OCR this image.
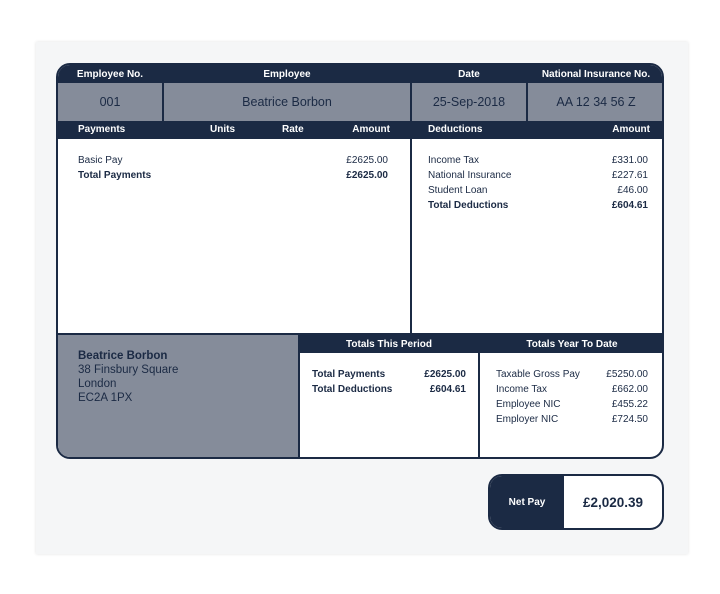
Employee No.	Employee	Date	National Insurance No.
001	Beatrice Borbon	25-Sep-2018	AA 12 34 56 Z
Payments	Units	Rate	Amount	Deductions	Amount
Basic Pay	£2625.00
Total Payments	£2625.00
Income Tax	£331.00
National Insurance	£227.61
Student Loan	£46.00
Total Deductions	£604.61
Beatrice Borbon
38 Finsbury Square
London
EC2A 1PX
Totals This Period
Total Payments	£2625.00
Total Deductions	£604.61
Totals Year To Date
Taxable Gross Pay	£5250.00
Income Tax	£662.00
Employee NIC	£455.22
Employer NIC	£724.50
Net Pay	£2,020.39
